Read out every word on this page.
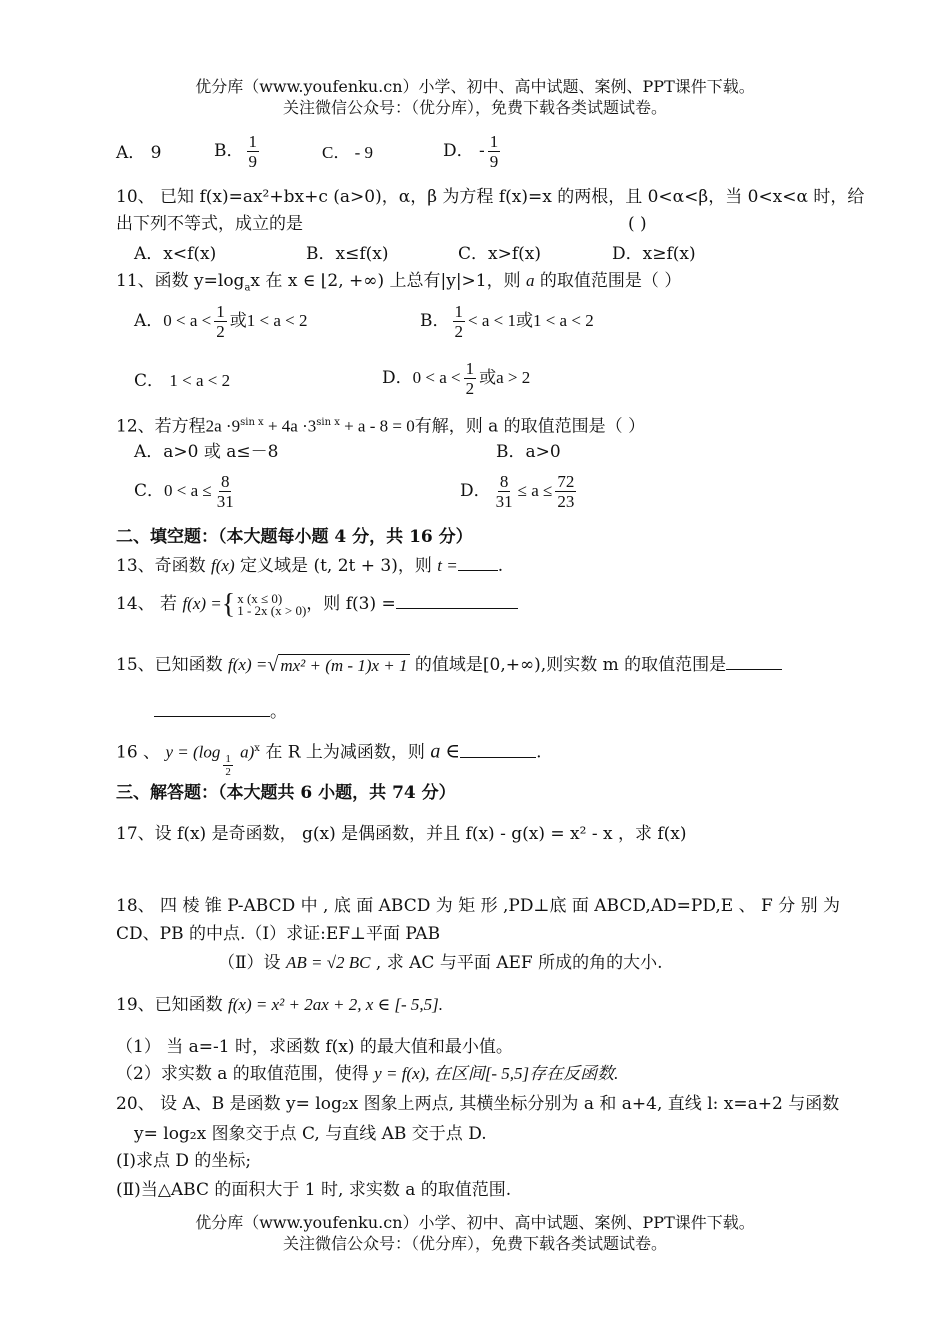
优分库（www.youfenku.cn）小学、初中、高中试题、案例、PPT课件下载。
关注微信公众号：（优分库），免费下载各类试题试卷。
A． 9	B． $\frac{1}{9}$	C． - 9	D． - $\frac{1}{9}$
10、 已知 f(x)=ax²+bx+c (a>0)，α，β 为方程 f(x)=x 的两根，且 0<α<β，当 0<x<α 时，给
出下列不等式，成立的是	( )
A．x<f(x)	B．x≤f(x)	C．x>f(x)	D．x≥f(x)
11、函数 $y=\log_ax$ 在 x ∈ ⌊2, +∞) 上总有|y|>1，则 a 的取值范围是（ ）
A．$0 < a < \frac{1}{2}$ 或1 < a < 2	B． $\frac{1}{2} < a < 1$或1 < a < 2
C． 1 < a < 2	D．$0 < a < \frac{1}{2}$ 或a > 2
12、若方程$2a \cdot 9^{sin x} + 4a \cdot 3^{sin x} + a - 8 = 0$有解，则 a 的取值范围是（ ）
A．a>0 或 a≤－8	B．a>0
C．$0 < a \le \frac{8}{31}$	D． $\frac{8}{31} \le a \le \frac{72}{23}$
二、填空题：（本大题每小题 4 分，共 16 分）
13、奇函数 f(x) 定义域是 (t, 2t + 3)，则 t = .
14、 若 f(x) = { x (x ≤ 0)
1 - 2x (x > 0) ，则 f(3) =
15、已知函数 f(x) = √ mx² + (m - 1)x + 1 的值域是[0,+∞),则实数 m 的取值范围是
。
16 、 y = (log
$\frac{1}{2}$
a)$^x$ 在 R 上为减函数，则 a ∈	.
三、解答题：（本大题共 6 小题，共 74 分）
17、设 f(x) 是奇函数， g(x) 是偶函数，并且 f(x) - g(x) = x² - x ，求 f(x)
18、 四 棱 锥 P-ABCD 中 , 底 面 ABCD 为 矩 形 ,PD⊥底 面 ABCD,AD=PD,E 、 F 分 别 为
CD、PB 的中点.（Ⅰ）求证:EF⊥平面 PAB
（Ⅱ）设 AB = √2 BC , 求 AC 与平面 AEF 所成的角的大小.
19、已知函数 f(x) = x² + 2ax + 2, x ∈ [- 5,5].
（1） 当 a=-1 时，求函数 f(x) 的最大值和最小值。
（2）求实数 a 的取值范围，使得 y = f(x), 在区间[- 5,5]存在反函数.
20、 设 A、B 是函数 y= log₂x 图象上两点, 其横坐标分别为 a 和 a+4, 直线 l: x=a+2 与函数
y= log₂x 图象交于点 C, 与直线 AB 交于点 D.
(Ⅰ)求点 D 的坐标;
(Ⅱ)当△ABC 的面积大于 1 时, 求实数 a 的取值范围.
优分库（www.youfenku.cn）小学、初中、高中试题、案例、PPT课件下载。
关注微信公众号：（优分库），免费下载各类试题试卷。
